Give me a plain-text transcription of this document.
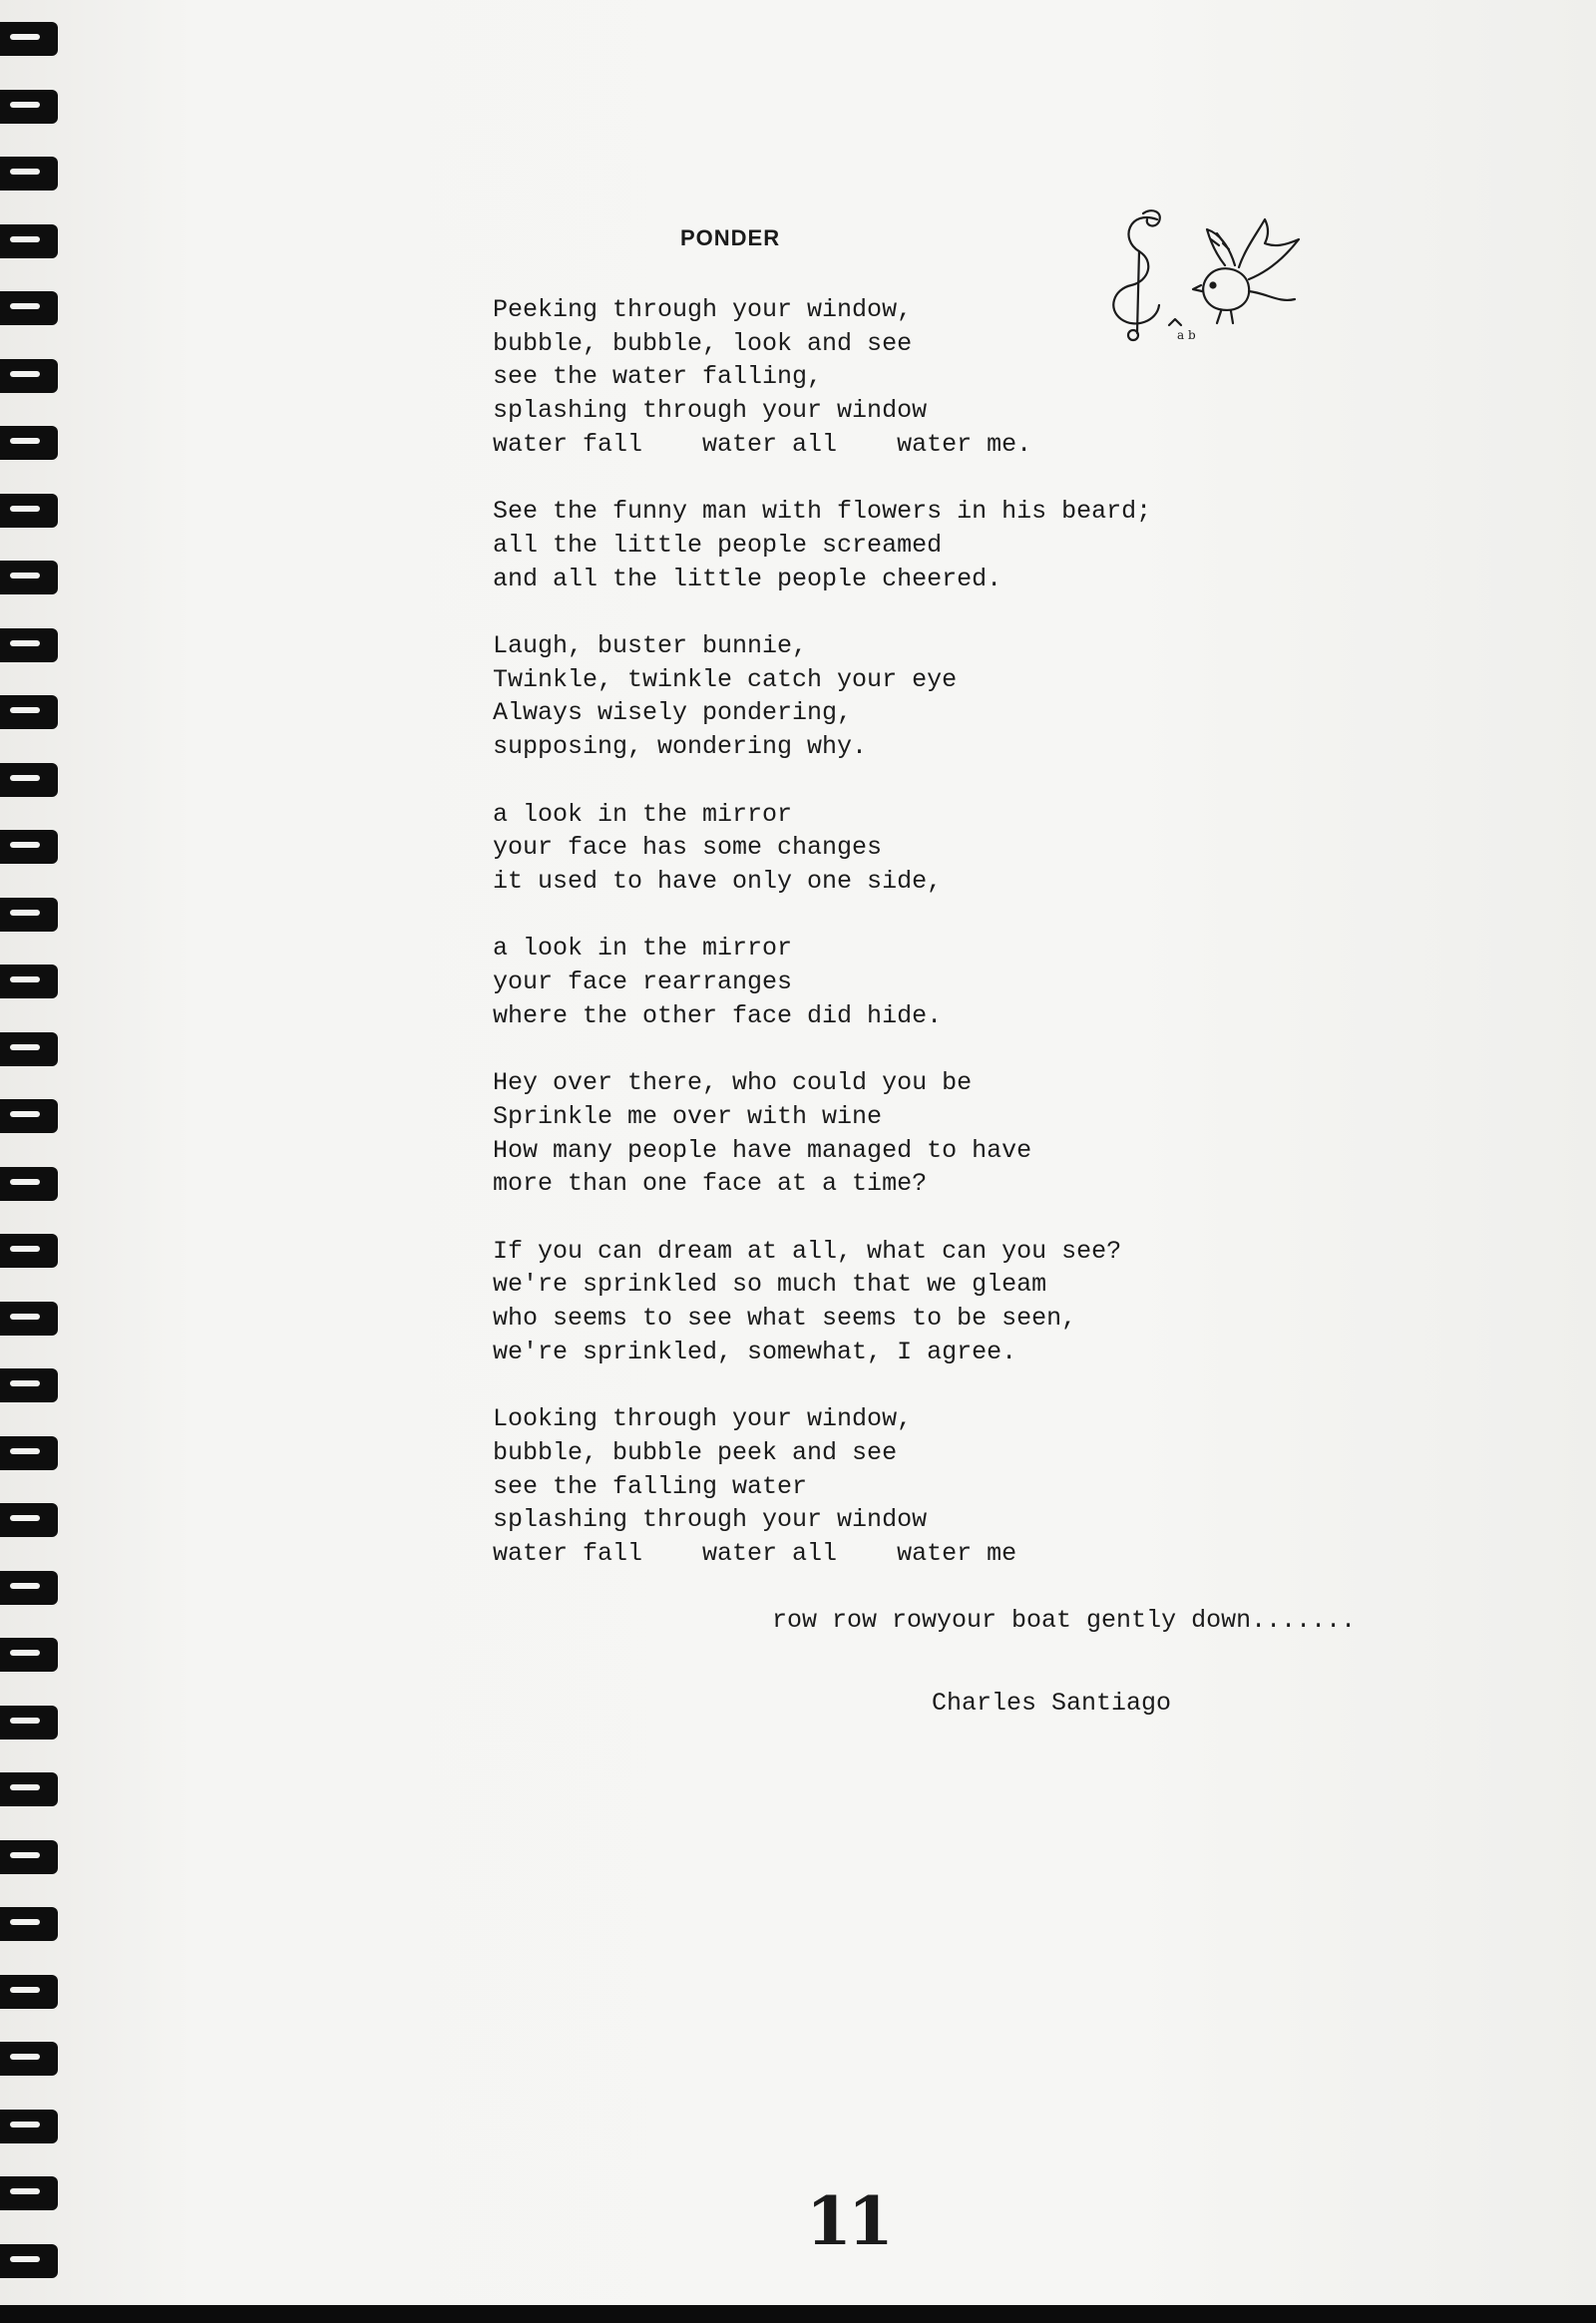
PONDER
a b
Peeking through your window,
bubble, bubble, look and see
see the water falling,
splashing through your window
water fall    water all    water me.
See the funny man with flowers in his beard;
all the little people screamed
and all the little people cheered.
Laugh, buster bunnie,
Twinkle, twinkle catch your eye
Always wisely pondering,
supposing, wondering why.
a look in the mirror
your face has some changes
it used to have only one side,
a look in the mirror
your face rearranges
where the other face did hide.
Hey over there, who could you be
Sprinkle me over with wine
How many people have managed to have
more than one face at a time?
If you can dream at all, what can you see?
we're sprinkled so much that we gleam
who seems to see what seems to be seen,
we're sprinkled, somewhat, I agree.
Looking through your window,
bubble, bubble peek and see
see the falling water
splashing through your window
water fall    water all    water me
row row rowyour boat gently down.......
Charles Santiago
11
